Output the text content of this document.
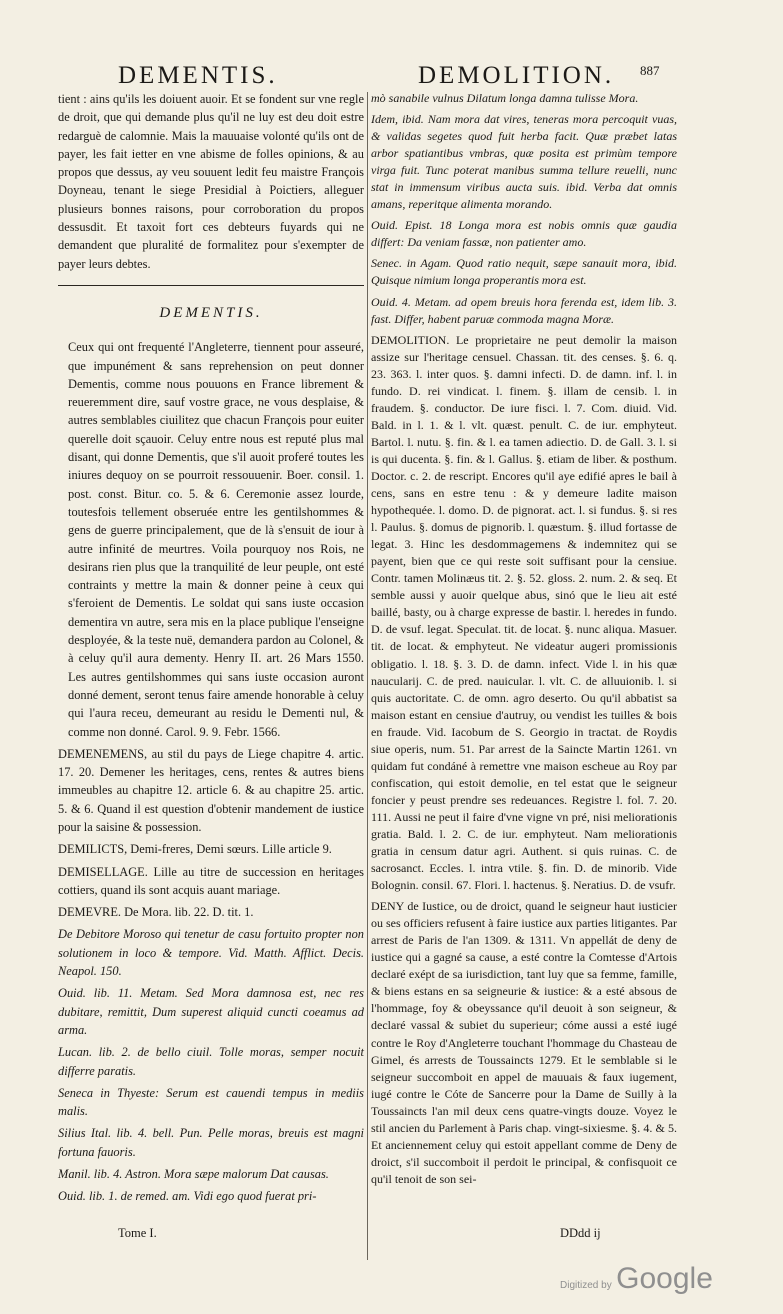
DEMENTIS.	DEMOLITION. 887

tient : ains qu'ils les doiuent auoir. Et se fondent sur vne regle de droit, que qui demande plus qu'il ne luy est deu doit estre redarguè de calomnie. Mais la mauuaise volonté qu'ils ont de payer, les fait ietter en vne abisme de folles opinions, & au propos que dessus, ay veu souuent ledit feu maistre François Doyneau, tenant le siege Presidial à Poictiers, alleguer plusieurs bonnes raisons, pour corroboration du propos dessusdit. Et taxoit fort ces debteurs fuyards qui ne demandent que pluralité de formalitez pour s'exempter de payer leurs debtes.

DEMENTIS.

Ceux qui ont frequenté l'Angleterre, tiennent pour asseuré, que impunément & sans reprehension on peut donner Dementis, comme nous pouuons en France librement & reueremment dire, sauf vostre grace, ne vous desplaise, & autres semblables ciuilitez que chacun François pour euiter querelle doit sçauoir. Celuy entre nous est reputé plus mal disant, qui donne Dementis, que s'il auoit proferé toutes les iniures dequoy on se pourroit ressouuenir. Boer. consil. 1. post. const. Bitur. co. 5. & 6. Ceremonie assez lourde, toutesfois tellement obseruée entre les gentilshommes & gens de guerre principalement, que de là s'ensuit de iour à autre infinité de meurtres. Voila pourquoy nos Rois, ne desirans rien plus que la tranquilité de leur peuple, ont esté contraints y mettre la main & donner peine à ceux qui s'feroient de Dementis. Le soldat qui sans iuste occasion dementira vn autre, sera mis en la place publique l'enseigne desployée, & la teste nuë, demandera pardon au Colonel, & à celuy qu'il aura dementy. Henry II. art. 26 Mars 1550. Les autres gentilshommes qui sans iuste occasion auront donné dement, seront tenus faire amende honorable à celuy qui l'aura receu, demeurant au residu le Dementi nul, & comme non donné. Carol. 9. 9. Febr. 1566.

DEMENEMENS, au stil du pays de Liege chapitre 4. artic. 17. 20. Demener les heritages, cens, rentes & autres biens immeubles au chapitre 12. article 6. & au chapitre 25. artic. 5. & 6. Quand il est question d'obtenir mandement de iustice pour la saisine & possession.

DEMILICTS, Demi-freres, Demi sœurs. Lille article 9.

DEMISELLAGE. Lille au titre de succession en heritages cottiers, quand ils sont acquis auant mariage.

DEMEVRE. De Mora. lib. 22. D. tit. 1.

De Debitore Moroso qui tenetur de casu fortuito propter non solutionem in loco & tempore. Vid. Matth. Afflict. Decis. Neapol. 150.

Ouid. lib. 11. Metam. Sed Mora damnosa est, nec res dubitare, remittit, Dum superest aliquid cuncti coeamus ad arma.

Lucan. lib. 2. de bello ciuil. Tolle moras, semper nocuit differre paratis.

Seneca in Thyeste: Serum est cauendi tempus in mediis malis.

Silius Ital. lib. 4. bell. Pun. Pelle moras, breuis est magni fortuna fauoris.

Manil. lib. 4. Astron. Mora sæpe malorum Dat causas.

Ouid. lib. 1. de remed. am. Vidi ego quod fuerat pri-

mò sanabile vulnus Dilatum longa damna tulisse Mora.

Idem, ibid. Nam mora dat vires, teneras mora percoquit vuas, & validas segetes quod fuit herba facit. Quæ præbet latas arbor spatiantibus vmbras, quæ posita est primùm tempore virga fuit. Tunc poterat manibus summa tellure reuelli, nunc stat in immensum viribus aucta suis. ibid. Verba dat omnis amans, reperitque alimenta morando.

Ouid. Epist. 18 Longa mora est nobis omnis quæ gaudia differt: Da veniam fassæ, non patienter amo.

Senec. in Agam. Quod ratio nequit, sæpe sanauit mora, ibid. Quisque nimium longa properantis mora est.

Ouid. 4. Metam. ad opem breuis hora ferenda est, idem lib. 3. fast. Differ, habent paruæ commoda magna Moræ.

DEMOLITION. Le proprietaire ne peut demolir la maison assize sur l'heritage censuel. Chassan. tit. des censes. §. 6. q. 23. 363. l. inter quos. §. damni infecti. D. de damn. inf. l. in fundo. D. rei vindicat. l. finem. §. illam de censib. l. in fraudem. §. conductor. De iure fisci. l. 7. Com. diuid. Vid. Bald. in l. 1. & l. vlt. quæst. penult. C. de iur. emphyteut. Bartol. l. nutu. §. fin. & l. ea tamen adiectio. D. de Gall. 3. l. si is qui ducenta. §. fin. & l. Gallus. §. etiam de liber. & posthum. Doctor. c. 2. de rescript. Encores qu'il aye edifié apres le bail à cens, sans en estre tenu : & y demeure ladite maison hypothequée. l. domo. D. de pignorat. act. l. si fundus. §. si res l. Paulus. §. domus de pignorib. l. quæstum. §. illud fortasse de legat. 3. Hinc les desdommagemens & indemnitez qui se payent, bien que ce qui reste soit suffisant pour la censiue. Contr. tamen Molinæus tit. 2. §. 52. gloss. 2. num. 2. & seq. Et semble aussi y auoir quelque abus, sinó que le lieu ait esté baillé, basty, ou à charge expresse de bastir. l. heredes in fundo. D. de vsuf. legat. Speculat. tit. de locat. §. nunc aliqua. Masuer. tit. de locat. & emphyteut. Ne videatur augeri promissionis obligatio. l. 18. §. 3. D. de damn. infect. Vide l. in his quæ naucularij. C. de pred. nauicular. l. vlt. C. de alluuionib. l. si quis auctoritate. C. de omn. agro deserto. Ou qu'il abbatist sa maison estant en censiue d'autruy, ou vendist les tuilles & bois en fraude. Vid. Iacobum de S. Georgio in tractat. de Roydis siue operis, num. 51. Par arrest de la Saincte Martin 1261. vn quidam fut condáné à remettre vne maison escheue au Roy par confiscation, qui estoit demolie, en tel estat que le seigneur foncier y peust prendre ses redeuances. Registre l. fol. 7. 20. 111. Aussi ne peut il faire d'vne vigne vn pré, nisi meliorationis gratia. Bald. l. 2. C. de iur. emphyteut. Nam meliorationis gratia in censum datur agri. Authent. si quis ruinas. C. de sacrosanct. Eccles. l. intra vtile. §. fin. D. de minorib. Vide Bolognin. consil. 67. Flori. l. hactenus. §. Neratius. D. de vsufr.

DENY de Iustice, ou de droict, quand le seigneur haut iusticier ou ses officiers refusent à faire iustice aux parties litigantes. Par arrest de Paris de l'an 1309. & 1311. Vn appellát de deny de iustice qui a gagné sa cause, a esté contre la Comtesse d'Artois declaré exépt de sa iurisdiction, tant luy que sa femme, famille, & biens estans en sa seigneurie & iustice: & a esté absous de l'hommage, foy & obeyssance qu'il deuoit à son seigneur, & declaré vassal & subiet du superieur; cóme aussi a esté iugé contre le Roy d'Angleterre touchant l'hommage du Chasteau de Gimel, és arrests de Toussaincts 1279. Et le semblable si le seigneur succomboit en appel de mauuais & faux iugement, iugé contre le Cóte de Sancerre pour la Dame de Suilly à la Toussaincts l'an mil deux cens quatre-vingts douze. Voyez le stil ancien du Parlement à Paris chap. vingt-sixiesme. §. 4. & 5. Et anciennement celuy qui estoit appellant comme de Deny de droict, s'il succomboit il perdoit le principal, & confisquoit ce qu'il tenoit de son sei-

Tome I.	DDdd ij
Digitized by Google
